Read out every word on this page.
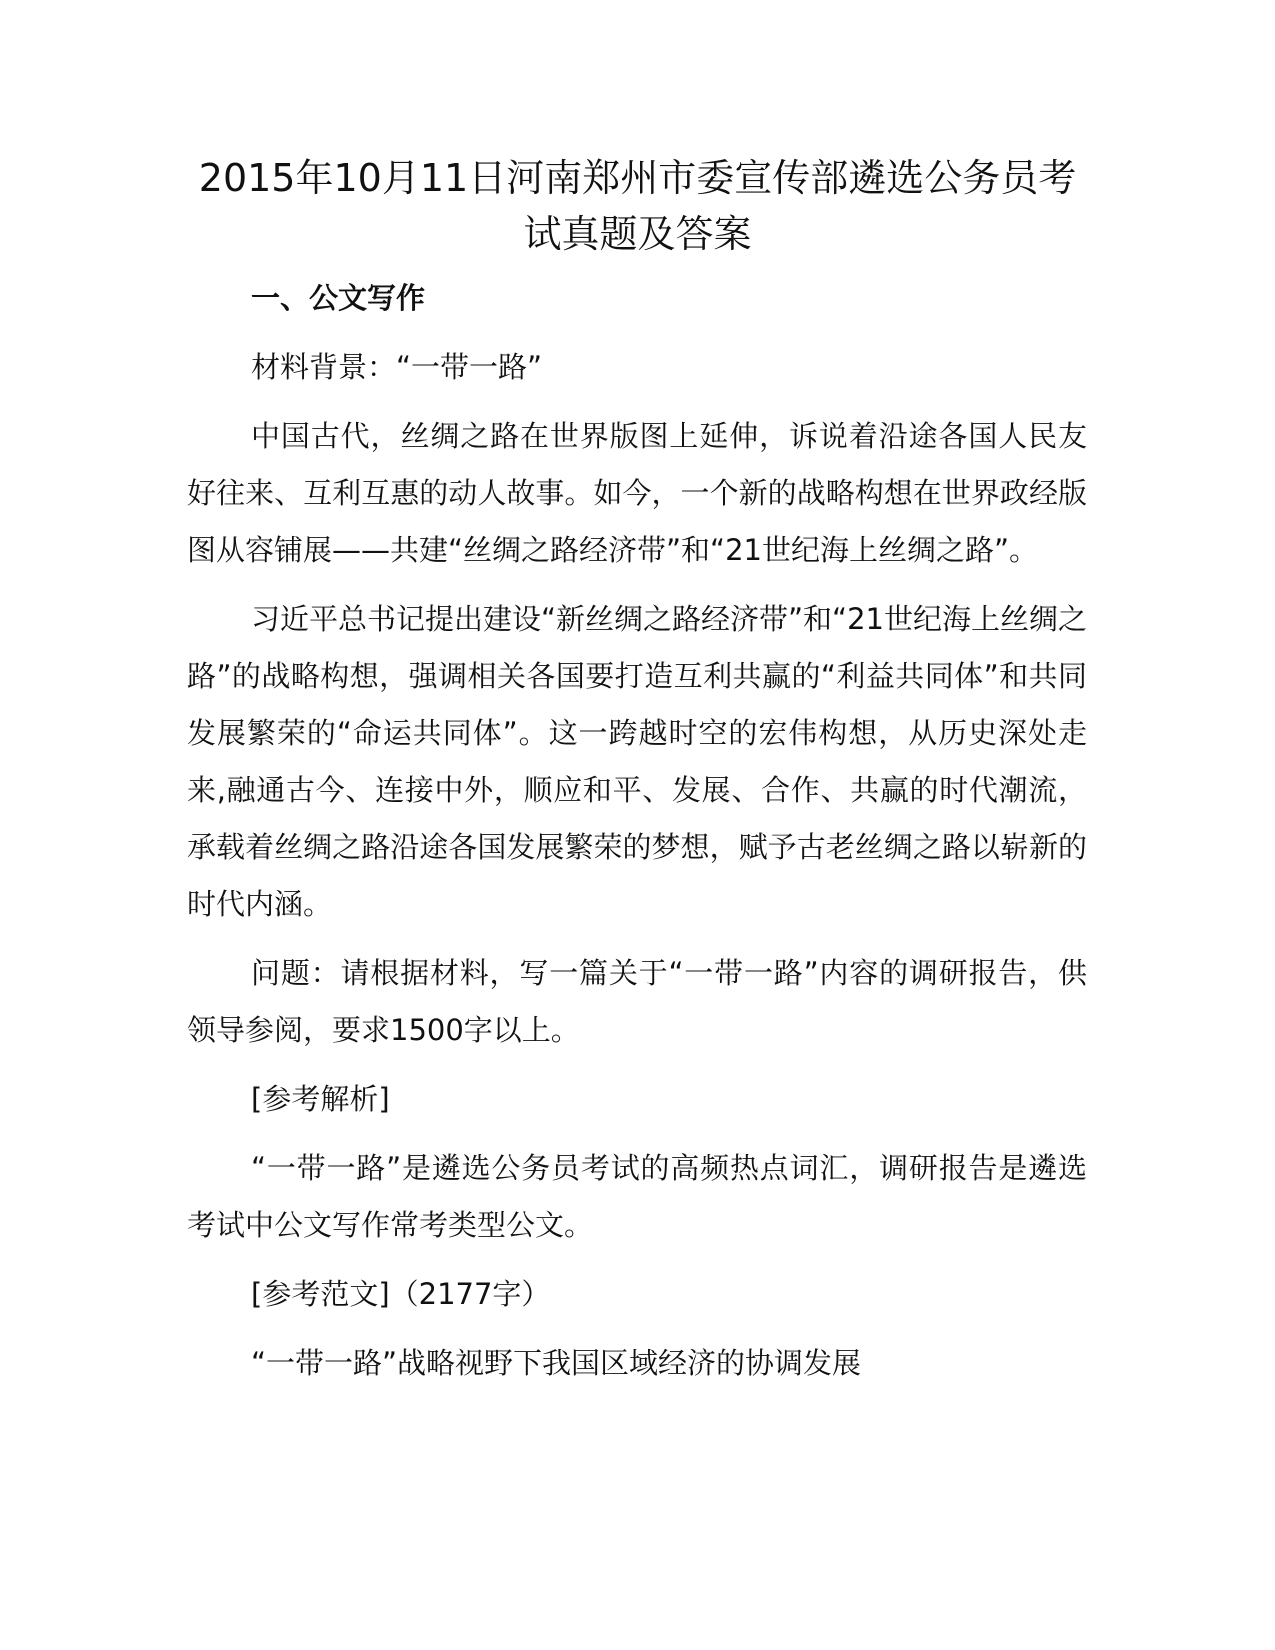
2015年10月11日河南郑州市委宣传部遴选公务员考试真题及答案

一、公文写作

材料背景：“一带一路”

中国古代，丝绸之路在世界版图上延伸，诉说着沿途各国人民友好往来、互利互惠的动人故事。如今，一个新的战略构想在世界政经版图从容铺展——共建“丝绸之路经济带”和“21世纪海上丝绸之路”。

习近平总书记提出建设“新丝绸之路经济带”和“21世纪海上丝绸之路”的战略构想，强调相关各国要打造互利共赢的“利益共同体”和共同发展繁荣的“命运共同体”。这一跨越时空的宏伟构想，从历史深处走来,融通古今、连接中外，顺应和平、发展、合作、共赢的时代潮流，承载着丝绸之路沿途各国发展繁荣的梦想，赋予古老丝绸之路以崭新的时代内涵。

问题：请根据材料，写一篇关于“一带一路”内容的调研报告，供领导参阅，要求1500字以上。

[参考解析]

“一带一路”是遴选公务员考试的高频热点词汇，调研报告是遴选考试中公文写作常考类型公文。

[参考范文]（2177字）

“一带一路”战略视野下我国区域经济的协调发展
